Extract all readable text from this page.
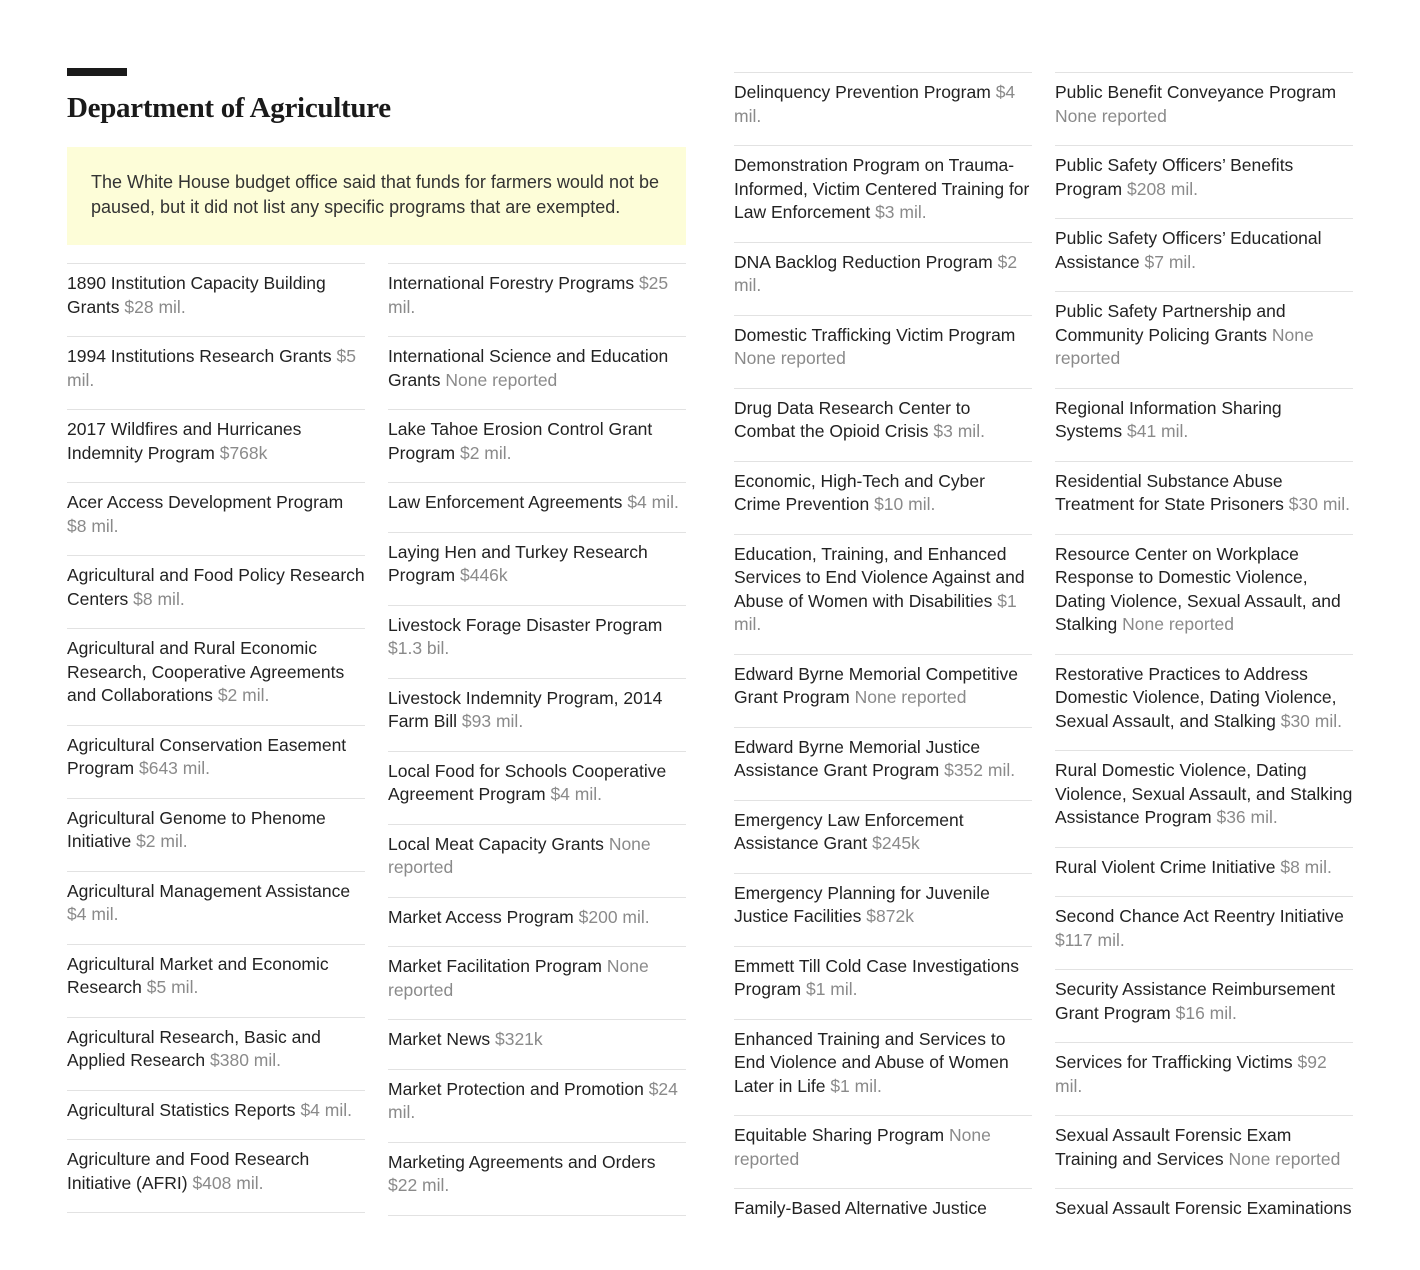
Department of Agriculture
The White House budget office said that funds for farmers would not be paused, but it did not list any specific programs that are exempted.
1890 Institution Capacity Building Grants $28 mil.
1994 Institutions Research Grants $5 mil.
2017 Wildfires and Hurricanes Indemnity Program $768k
Acer Access Development Program $8 mil.
Agricultural and Food Policy Research Centers $8 mil.
Agricultural and Rural Economic Research, Cooperative Agreements and Collaborations $2 mil.
Agricultural Conservation Easement Program $643 mil.
Agricultural Genome to Phenome Initiative $2 mil.
Agricultural Management Assistance $4 mil.
Agricultural Market and Economic Research $5 mil.
Agricultural Research, Basic and Applied Research $380 mil.
Agricultural Statistics Reports $4 mil.
Agriculture and Food Research Initiative (AFRI) $408 mil.
International Forestry Programs $25 mil.
International Science and Education Grants None reported
Lake Tahoe Erosion Control Grant Program $2 mil.
Law Enforcement Agreements $4 mil.
Laying Hen and Turkey Research Program $446k
Livestock Forage Disaster Program $1.3 bil.
Livestock Indemnity Program, 2014 Farm Bill $93 mil.
Local Food for Schools Cooperative Agreement Program $4 mil.
Local Meat Capacity Grants None reported
Market Access Program $200 mil.
Market Facilitation Program None reported
Market News $321k
Market Protection and Promotion $24 mil.
Marketing Agreements and Orders $22 mil.
Delinquency Prevention Program $4 mil.
Demonstration Program on Trauma-Informed, Victim Centered Training for Law Enforcement $3 mil.
DNA Backlog Reduction Program $2 mil.
Domestic Trafficking Victim Program None reported
Drug Data Research Center to Combat the Opioid Crisis $3 mil.
Economic, High-Tech and Cyber Crime Prevention $10 mil.
Education, Training, and Enhanced Services to End Violence Against and Abuse of Women with Disabilities $1 mil.
Edward Byrne Memorial Competitive Grant Program None reported
Edward Byrne Memorial Justice Assistance Grant Program $352 mil.
Emergency Law Enforcement Assistance Grant $245k
Emergency Planning for Juvenile Justice Facilities $872k
Emmett Till Cold Case Investigations Program $1 mil.
Enhanced Training and Services to End Violence and Abuse of Women Later in Life $1 mil.
Equitable Sharing Program None reported
Family-Based Alternative Justice
Public Benefit Conveyance Program None reported
Public Safety Officers’ Benefits Program $208 mil.
Public Safety Officers’ Educational Assistance $7 mil.
Public Safety Partnership and Community Policing Grants None reported
Regional Information Sharing Systems $41 mil.
Residential Substance Abuse Treatment for State Prisoners $30 mil.
Resource Center on Workplace Response to Domestic Violence, Dating Violence, Sexual Assault, and Stalking None reported
Restorative Practices to Address Domestic Violence, Dating Violence, Sexual Assault, and Stalking $30 mil.
Rural Domestic Violence, Dating Violence, Sexual Assault, and Stalking Assistance Program $36 mil.
Rural Violent Crime Initiative $8 mil.
Second Chance Act Reentry Initiative $117 mil.
Security Assistance Reimbursement Grant Program $16 mil.
Services for Trafficking Victims $92 mil.
Sexual Assault Forensic Exam Training and Services None reported
Sexual Assault Forensic Examinations
